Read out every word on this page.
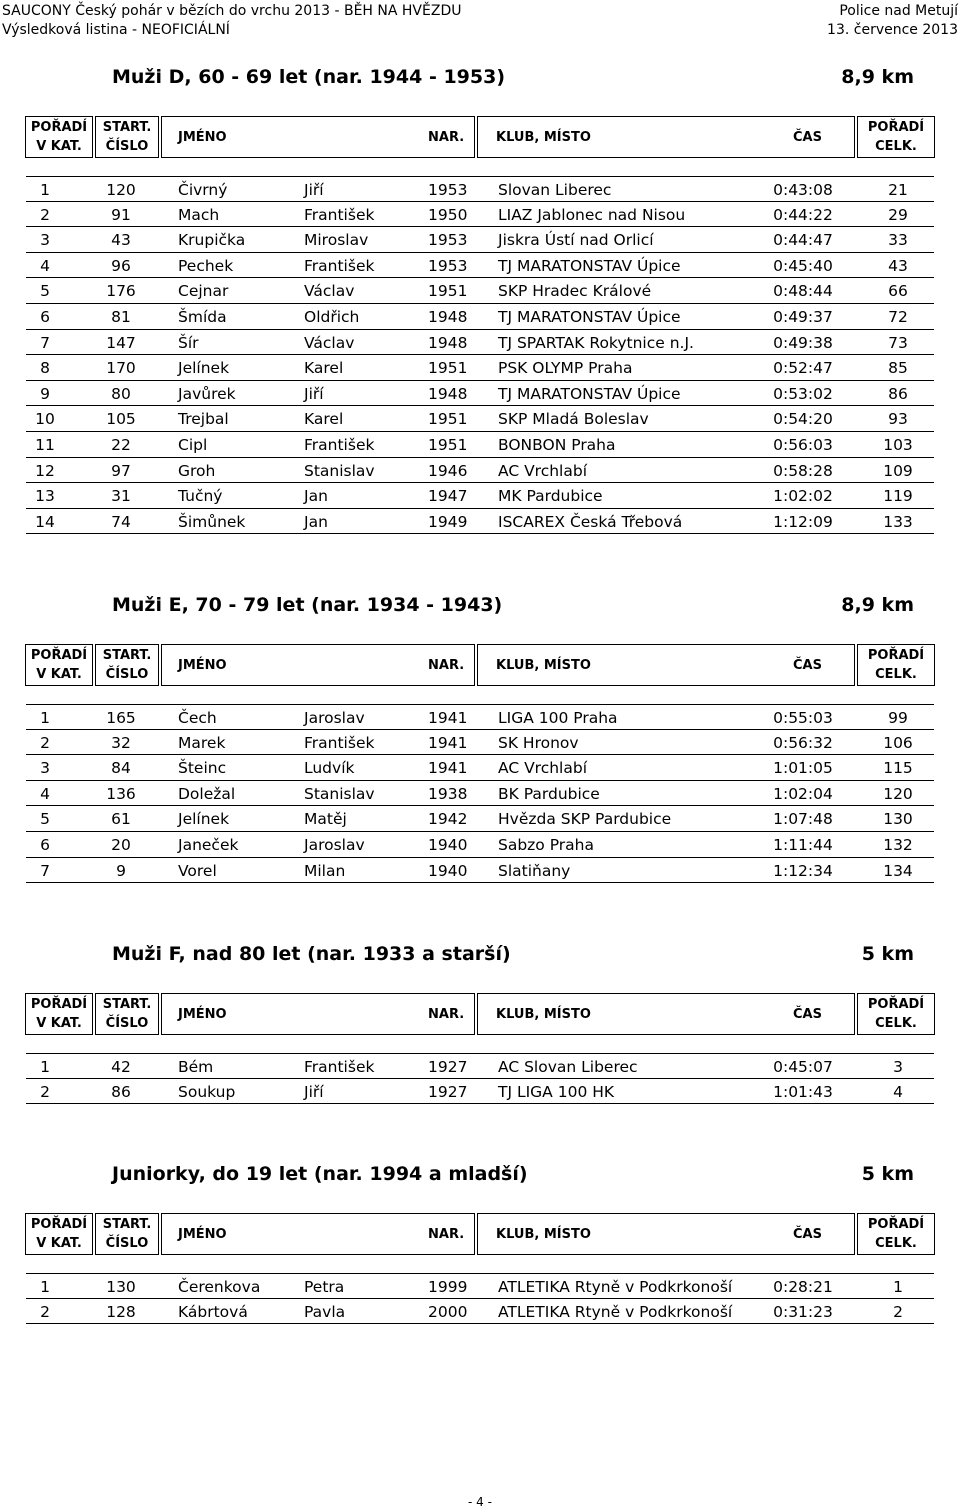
SAUCONY Český pohár v bězích do vrchu 2013 - BĚH NA HVĚZDU
Výsledková listina - NEOFICIÁLNÍ
Police nad Metují
13. července 2013
Muži D, 60 - 69 let (nar. 1944 - 1953)	8,9 km
POŘADÍ
V KAT.
START.
ČÍSLO
POŘADÍ
CELK.
JMÉNO	NAR. KLUB, MÍSTO	ČAS
1	120	Čivrný	Jiří	1953 Slovan Liberec	0:43:08	21
2	91	Mach	František	1950 LIAZ Jablonec nad Nisou	0:44:22	29
3	43	Krupička	Miroslav	1953 Jiskra Ústí nad Orlicí	0:44:47	33
4	96	Pechek	František	1953 TJ MARATONSTAV Úpice	0:45:40	43
5	176	Cejnar	Václav	1951 SKP Hradec Králové	0:48:44	66
6	81	Šmída	Oldřich	1948 TJ MARATONSTAV Úpice	0:49:37	72
7	147	Šír	Václav	1948 TJ SPARTAK Rokytnice n.J.	0:49:38	73
8	170	Jelínek	Karel	1951 PSK OLYMP Praha	0:52:47	85
9	80	Javůrek	Jiří	1948 TJ MARATONSTAV Úpice	0:53:02	86
10	105	Trejbal	Karel	1951 SKP Mladá Boleslav	0:54:20	93
11	22	Cipl	František	1951 BONBON Praha	0:56:03	103
12	97	Groh	Stanislav	1946 AC Vrchlabí	0:58:28	109
13	31	Tučný	Jan	1947 MK Pardubice	1:02:02	119
14	74	Šimůnek	Jan	1949 ISCAREX Česká Třebová	1:12:09	133
Muži E, 70 - 79 let (nar. 1934 - 1943)	8,9 km
POŘADÍ
V KAT.
START.
ČÍSLO
POŘADÍ
CELK.
JMÉNO	NAR. KLUB, MÍSTO	ČAS
1	165	Čech	Jaroslav	1941 LIGA 100 Praha	0:55:03	99
2	32	Marek	František	1941 SK Hronov	0:56:32	106
3	84	Šteinc	Ludvík	1941 AC Vrchlabí	1:01:05	115
4	136	Doležal	Stanislav	1938 BK Pardubice	1:02:04	120
5	61	Jelínek	Matěj	1942 Hvězda SKP Pardubice	1:07:48	130
6	20	Janeček	Jaroslav	1940 Sabzo Praha	1:11:44	132
7	9	Vorel	Milan	1940 Slatiňany	1:12:34	134
Muži F, nad 80 let (nar. 1933 a starší)	5 km
POŘADÍ
V KAT.
START.
ČÍSLO
POŘADÍ
CELK.
JMÉNO	NAR. KLUB, MÍSTO	ČAS
1	42	Bém	František	1927 AC Slovan Liberec	0:45:07	3
2	86	Soukup	Jiří	1927 TJ LIGA 100 HK	1:01:43	4
Juniorky, do 19 let (nar. 1994 a mladší)	5 km
POŘADÍ
V KAT.
START.
ČÍSLO
POŘADÍ
CELK.
JMÉNO	NAR. KLUB, MÍSTO	ČAS
1	130	Čerenkova	Petra	1999 ATLETIKA Rtyně v Podkrkonoší	0:28:21	1
2	128	Kábrtová	Pavla	2000 ATLETIKA Rtyně v Podkrkonoší	0:31:23	2
- 4 -
